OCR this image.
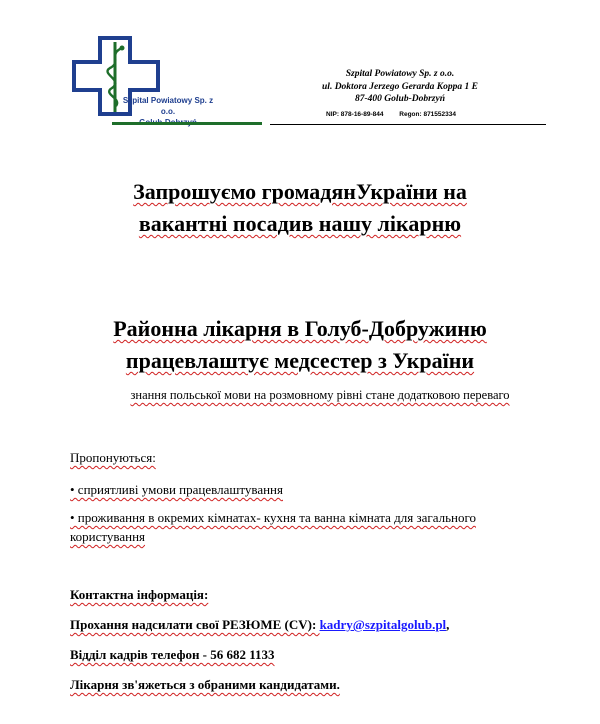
Szpital Powiatowy Sp. z o.o.
Szpital Powiatowy Sp. z o.o.
ul. Doktora Jerzego Gerarda Koppa 1 E
87-400 Golub-Dobrzyń
NIP: 878-16-89-844 Regon: 871552334
Запрошуємо громадянУкраїни на
вакантні посадив нашу лікарню
Районна лікарня в Голуб-Добружиню
працевлаштує медсестер з України
знання польської мови на розмовному рівні стане додатковою переваго
Пропонуються:
• сприятливі умови працевлаштування
• проживання в окремих кімнатах- кухня та ванна кімната для загального користування
Контактна інформація:
Прохання надсилати свої РЕЗЮМЕ (CV): kadry@szpitalgolub.pl,
Відділ кадрів телефон - 56 682 1133
Лікарня зв'яжеться з обраними кандидатами.
